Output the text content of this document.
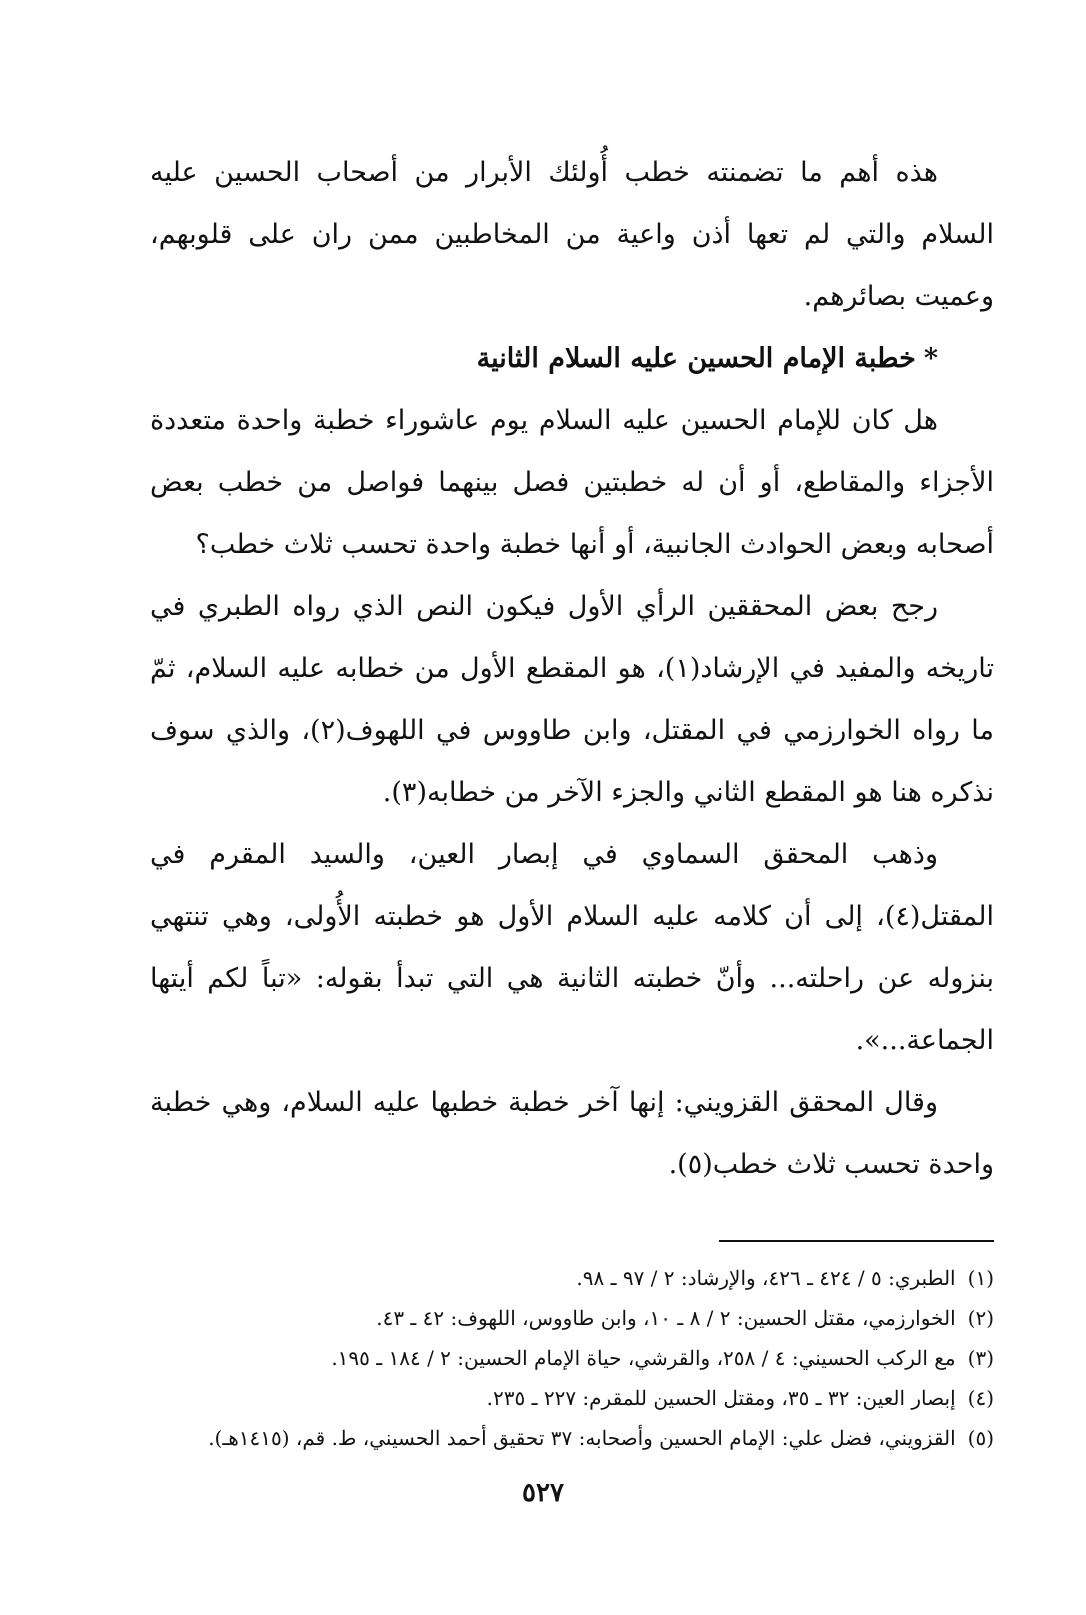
هذه أهم ما تضمنته خطب أُولئك الأبرار من أصحاب الحسين عليه السلام والتي لم تعها أذن واعية من المخاطبين ممن ران على قلوبهم، وعميت بصائرهم.

*خطبة الإمام الحسين عليه السلام الثانية

هل كان للإمام الحسين عليه السلام يوم عاشوراء خطبة واحدة متعددة الأجزاء والمقاطع، أو أن له خطبتين فصل بينهما فواصل من خطب بعض أصحابه وبعض الحوادث الجانبية، أو أنها خطبة واحدة تحسب ثلاث خطب؟

رجح بعض المحققين الرأي الأول فيكون النص الذي رواه الطبري في تاريخه والمفيد في الإرشاد(١)، هو المقطع الأول من خطابه عليه السلام، ثمّ ما رواه الخوارزمي في المقتل، وابن طاووس في اللهوف(٢)، والذي سوف نذكره هنا هو المقطع الثاني والجزء الآخر من خطابه(٣).

وذهب المحقق السماوي في إبصار العين، والسيد المقرم في المقتل(٤)، إلى أن كلامه عليه السلام الأول هو خطبته الأُولى، وهي تنتهي بنزوله عن راحلته... وأنّ خطبته الثانية هي التي تبدأ بقوله: «تباً لكم أيتها الجماعة...».

وقال المحقق القزويني: إنها آخر خطبة خطبها عليه السلام، وهي خطبة واحدة تحسب ثلاث خطب(٥).

(١)
الطبري: ٥ / ٤٢٤ ـ ٤٢٦، والإرشاد: ٢ / ٩٧ ـ ٩٨.
(٢)
الخوارزمي، مقتل الحسين: ٢ / ٨ ـ ١٠، وابن طاووس، اللهوف: ٤٢ ـ ٤٣.
(٣)
مع الركب الحسيني: ٤ / ٢٥٨، والقرشي، حياة الإمام الحسين: ٢ / ١٨٤ ـ ١٩٥.
(٤)
إبصار العين: ٣٢ ـ ٣٥، ومقتل الحسين للمقرم: ٢٢٧ ـ ٢٣٥.
(٥)
القزويني، فضل علي: الإمام الحسين وأصحابه: ٣٧ تحقيق أحمد الحسيني، ط. قم، (١٤١٥هـ).
٥٢٧
